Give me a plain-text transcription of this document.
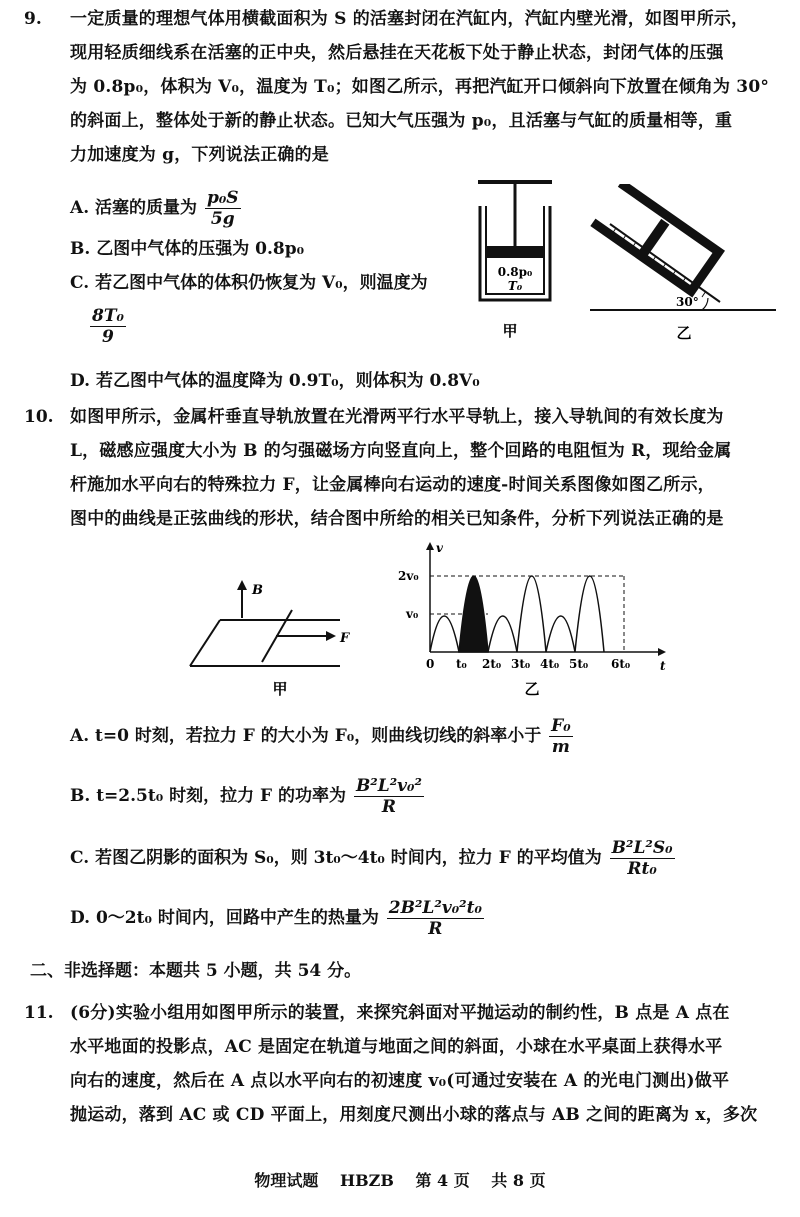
9. 一定质量的理想气体用横截面积为 S 的活塞封闭在汽缸内，汽缸内壁光滑，如图甲所示，
现用轻质细线系在活塞的正中央，然后悬挂在天花板下处于静止状态，封闭气体的压强
为 0.8p₀，体积为 V₀，温度为 T₀；如图乙所示，再把汽缸开口倾斜向下放置在倾角为 30°
的斜面上，整体处于新的静止状态。已知大气压强为 p₀，且活塞与气缸的质量相等，重
力加速度为 g，下列说法正确的是
A. 活塞的质量为 $\frac{\text{p₀S}}{5g}$
B. 乙图中气体的压强为 0.8p₀
C. 若乙图中气体的体积仍恢复为 V₀，则温度为
$\frac{\text{8T₀}}{9}$
D. 若乙图中气体的温度降为 0.9T₀，则体积为 0.8V₀
0.8p₀
T₀
甲
30°
乙
10. 如图甲所示，金属杆垂直导轨放置在光滑两平行水平导轨上，接入导轨间的有效长度为
L，磁感应强度大小为 B 的匀强磁场方向竖直向上，整个回路的电阻恒为 R，现给金属
杆施加水平向右的特殊拉力 F，让金属棒向右运动的速度-时间关系图像如图乙所示，
图中的曲线是正弦曲线的形状，结合图中所给的相关已知条件，分析下列说法正确的是
B
F
甲
v
t
2v₀
v₀
0 t₀ 2t₀ 3t₀ 4t₀ 5t₀ 6t₀
乙
A. t=0 时刻，若拉力 F 的大小为 F₀，则曲线切线的斜率小于 $\frac{\text{F₀}}{m}$
B. t=2.5t₀ 时刻，拉力 F 的功率为 $\frac{\text{B²L²v₀²}}{R}$
C. 若图乙阴影的面积为 S₀，则 3t₀～4t₀ 时间内，拉力 F 的平均值为 $\frac{\text{B²L²S₀}}{\text{Rt₀}}$
D. 0～2t₀ 时间内，回路中产生的热量为 $\frac{\text{2B²L²v₀²t₀}}{R}$
二、非选择题：本题共 5 小题，共 54 分。
11. (6分)实验小组用如图甲所示的装置，来探究斜面对平抛运动的制约性，B 点是 A 点在
水平地面的投影点，AC 是固定在轨道与地面之间的斜面，小球在水平桌面上获得水平
向右的速度，然后在 A 点以水平向右的初速度 v₀(可通过安装在 A 的光电门测出)做平
抛运动，落到 AC 或 CD 平面上，用刻度尺测出小球的落点与 AB 之间的距离为 x，多次
物理试题 HBZB 第 4 页 共 8 页
